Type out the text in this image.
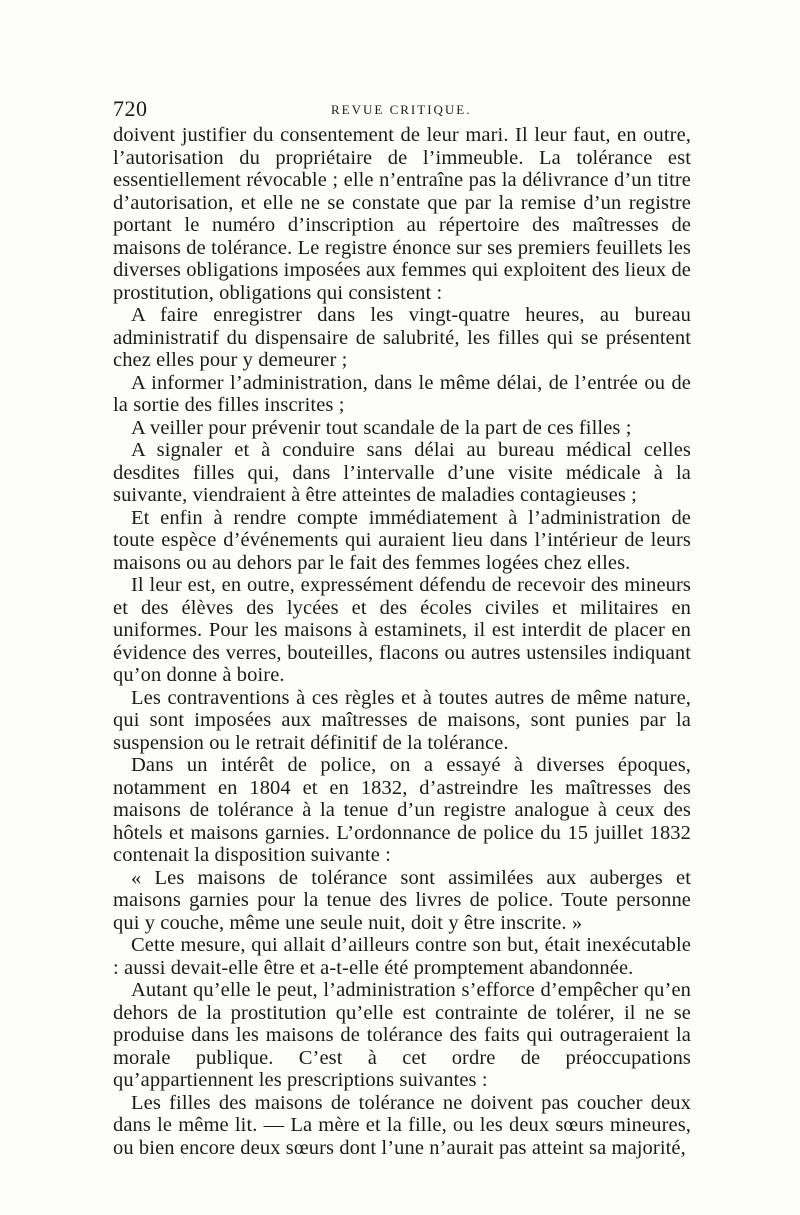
720	REVUE CRITIQUE.

doivent justifier du consentement de leur mari. Il leur faut, en outre, l’autorisation du propriétaire de l’immeuble. La tolérance est essentiellement révocable ; elle n’entraîne pas la délivrance d’un titre d’autorisation, et elle ne se constate que par la remise d’un registre portant le numéro d’inscription au répertoire des maîtresses de maisons de tolérance. Le registre énonce sur ses premiers feuillets les diverses obligations imposées aux femmes qui exploitent des lieux de prostitution, obligations qui consistent :

A faire enregistrer dans les vingt-quatre heures, au bureau administratif du dispensaire de salubrité, les filles qui se présentent chez elles pour y demeurer ;

A informer l’administration, dans le même délai, de l’entrée ou de la sortie des filles inscrites ;

A veiller pour prévenir tout scandale de la part de ces filles ;

A signaler et à conduire sans délai au bureau médical celles desdites filles qui, dans l’intervalle d’une visite médicale à la suivante, viendraient à être atteintes de maladies contagieuses ;

Et enfin à rendre compte immédiatement à l’administration de toute espèce d’événements qui auraient lieu dans l’intérieur de leurs maisons ou au dehors par le fait des femmes logées chez elles.

Il leur est, en outre, expressément défendu de recevoir des mineurs et des élèves des lycées et des écoles civiles et militaires en uniformes. Pour les maisons à estaminets, il est interdit de placer en évidence des verres, bouteilles, flacons ou autres ustensiles indiquant qu’on donne à boire.

Les contraventions à ces règles et à toutes autres de même nature, qui sont imposées aux maîtresses de maisons, sont punies par la suspension ou le retrait définitif de la tolérance.

Dans un intérêt de police, on a essayé à diverses époques, notamment en 1804 et en 1832, d’astreindre les maîtresses des maisons de tolérance à la tenue d’un registre analogue à ceux des hôtels et maisons garnies. L’ordonnance de police du 15 juillet 1832 contenait la disposition suivante :

« Les maisons de tolérance sont assimilées aux auberges et maisons garnies pour la tenue des livres de police. Toute personne qui y couche, même une seule nuit, doit y être inscrite. »

Cette mesure, qui allait d’ailleurs contre son but, était inexécutable : aussi devait-elle être et a-t-elle été promptement abandonnée.

Autant qu’elle le peut, l’administration s’efforce d’empêcher qu’en dehors de la prostitution qu’elle est contrainte de tolérer, il ne se produise dans les maisons de tolérance des faits qui outrageraient la morale publique. C’est à cet ordre de préoccupations qu’appartiennent les prescriptions suivantes :

Les filles des maisons de tolérance ne doivent pas coucher deux dans le même lit. — La mère et la fille, ou les deux sœurs mineures, ou bien encore deux sœurs dont l’une n’aurait pas atteint sa majorité,
